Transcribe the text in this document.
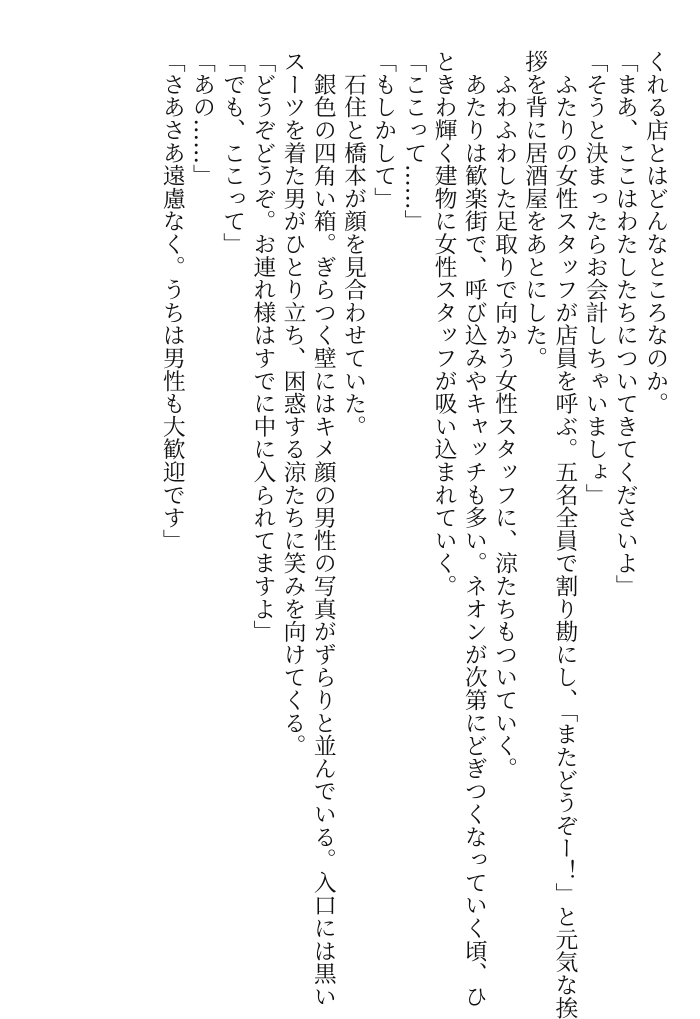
くれる店とはどんなところなのか。
「まあ、ここはわたしたちについてきてくださいよ」
「そうと決まったらお会計しちゃいましょ」
　ふたりの女性スタッフが店員を呼ぶ。五名全員で割り勘にし、「またどうぞー！」と元気な挨
拶を背に居酒屋をあとにした。
　ふわふわした足取りで向かう女性スタッフに、涼たちもついていく。
　あたりは歓楽街で、呼び込みやキャッチも多い。ネオンが次第にどぎつくなっていく頃、ひ
ときわ輝く建物に女性スタッフが吸い込まれていく。
「ここって……」
「もしかして」
　石住と橋本が顔を見合わせていた。
　銀色の四角い箱。ぎらつく壁にはキメ顔の男性の写真がずらりと並んでいる。入口には黒い
スーツを着た男がひとり立ち、困惑する涼たちに笑みを向けてくる。
「どうぞどうぞ。お連れ様はすでに中に入られてますよ」
「でも、ここって」
「あの……」
「さあさあ遠慮なく。うちは男性も大歓迎です」
